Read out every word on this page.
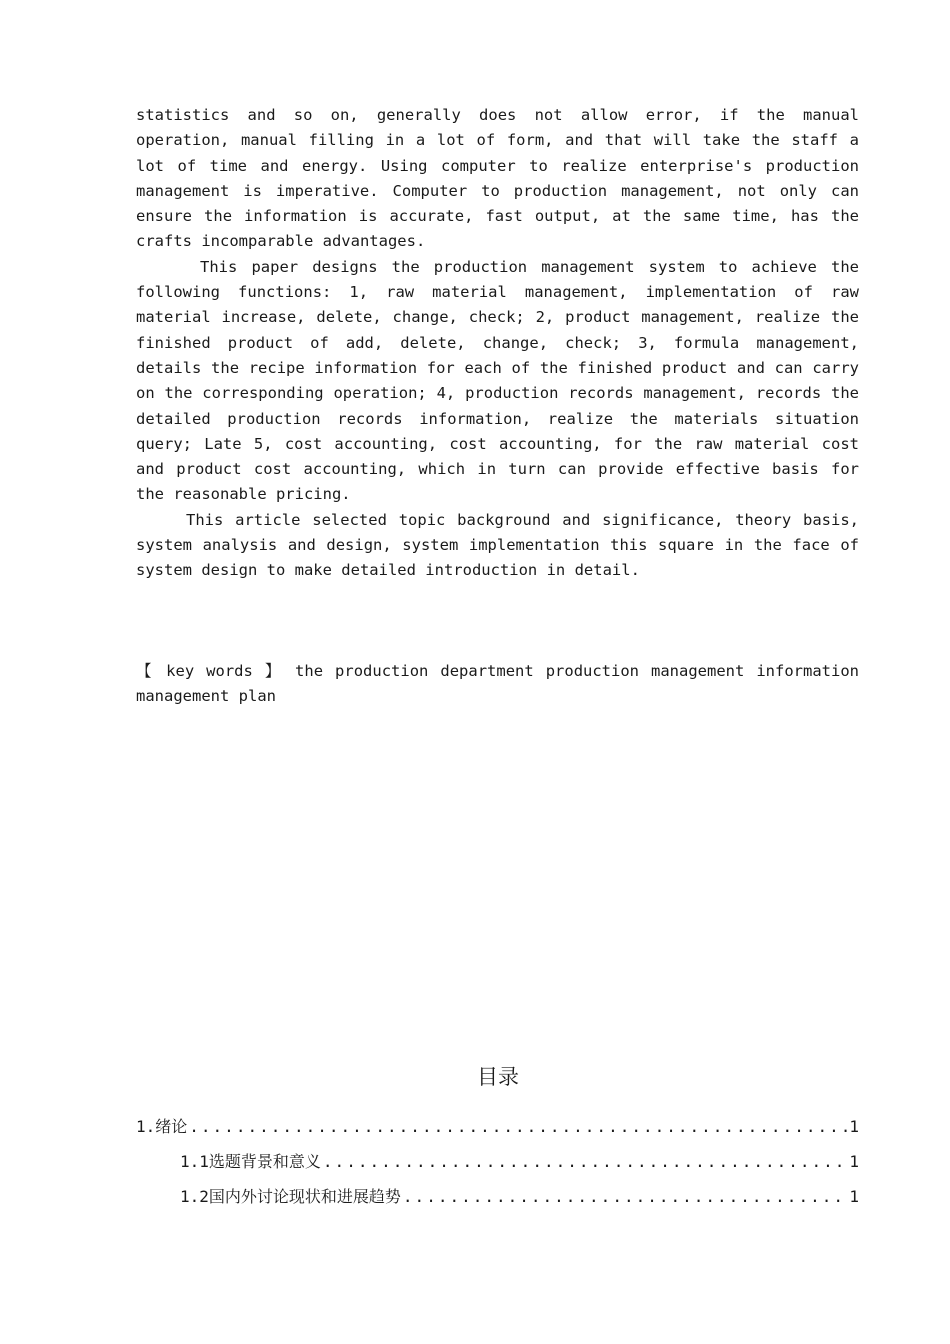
statistics and so on, generally does not allow error, if the manual operation, manual filling in a lot of form, and that will take the staff a lot of time and energy. Using computer to realize enterprise's production management is imperative. Computer to production management, not only can ensure the information is accurate, fast output, at the same time, has the crafts incomparable advantages.

This paper designs the production management system to achieve the following functions: 1, raw material management, implementation of raw material increase, delete, change, check; 2, product management, realize the finished product of add, delete, change, check; 3, formula management, details the recipe information for each of the finished product and can carry on the corresponding operation; 4, production records management, records the detailed production records information, realize the materials situation query; Late 5, cost accounting, cost accounting, for the raw material cost and product cost accounting, which in turn can provide effective basis for the reasonable pricing.

This article selected topic background and significance, theory basis, system analysis and design, system implementation this square in the face of system design to make detailed introduction in detail.

【 key words 】 the production department production management information management plan

目录
1.绪论 .....	1
1.1选题背景和意义 .....	1
1.2国内外讨论现状和进展趋势 .....	1
